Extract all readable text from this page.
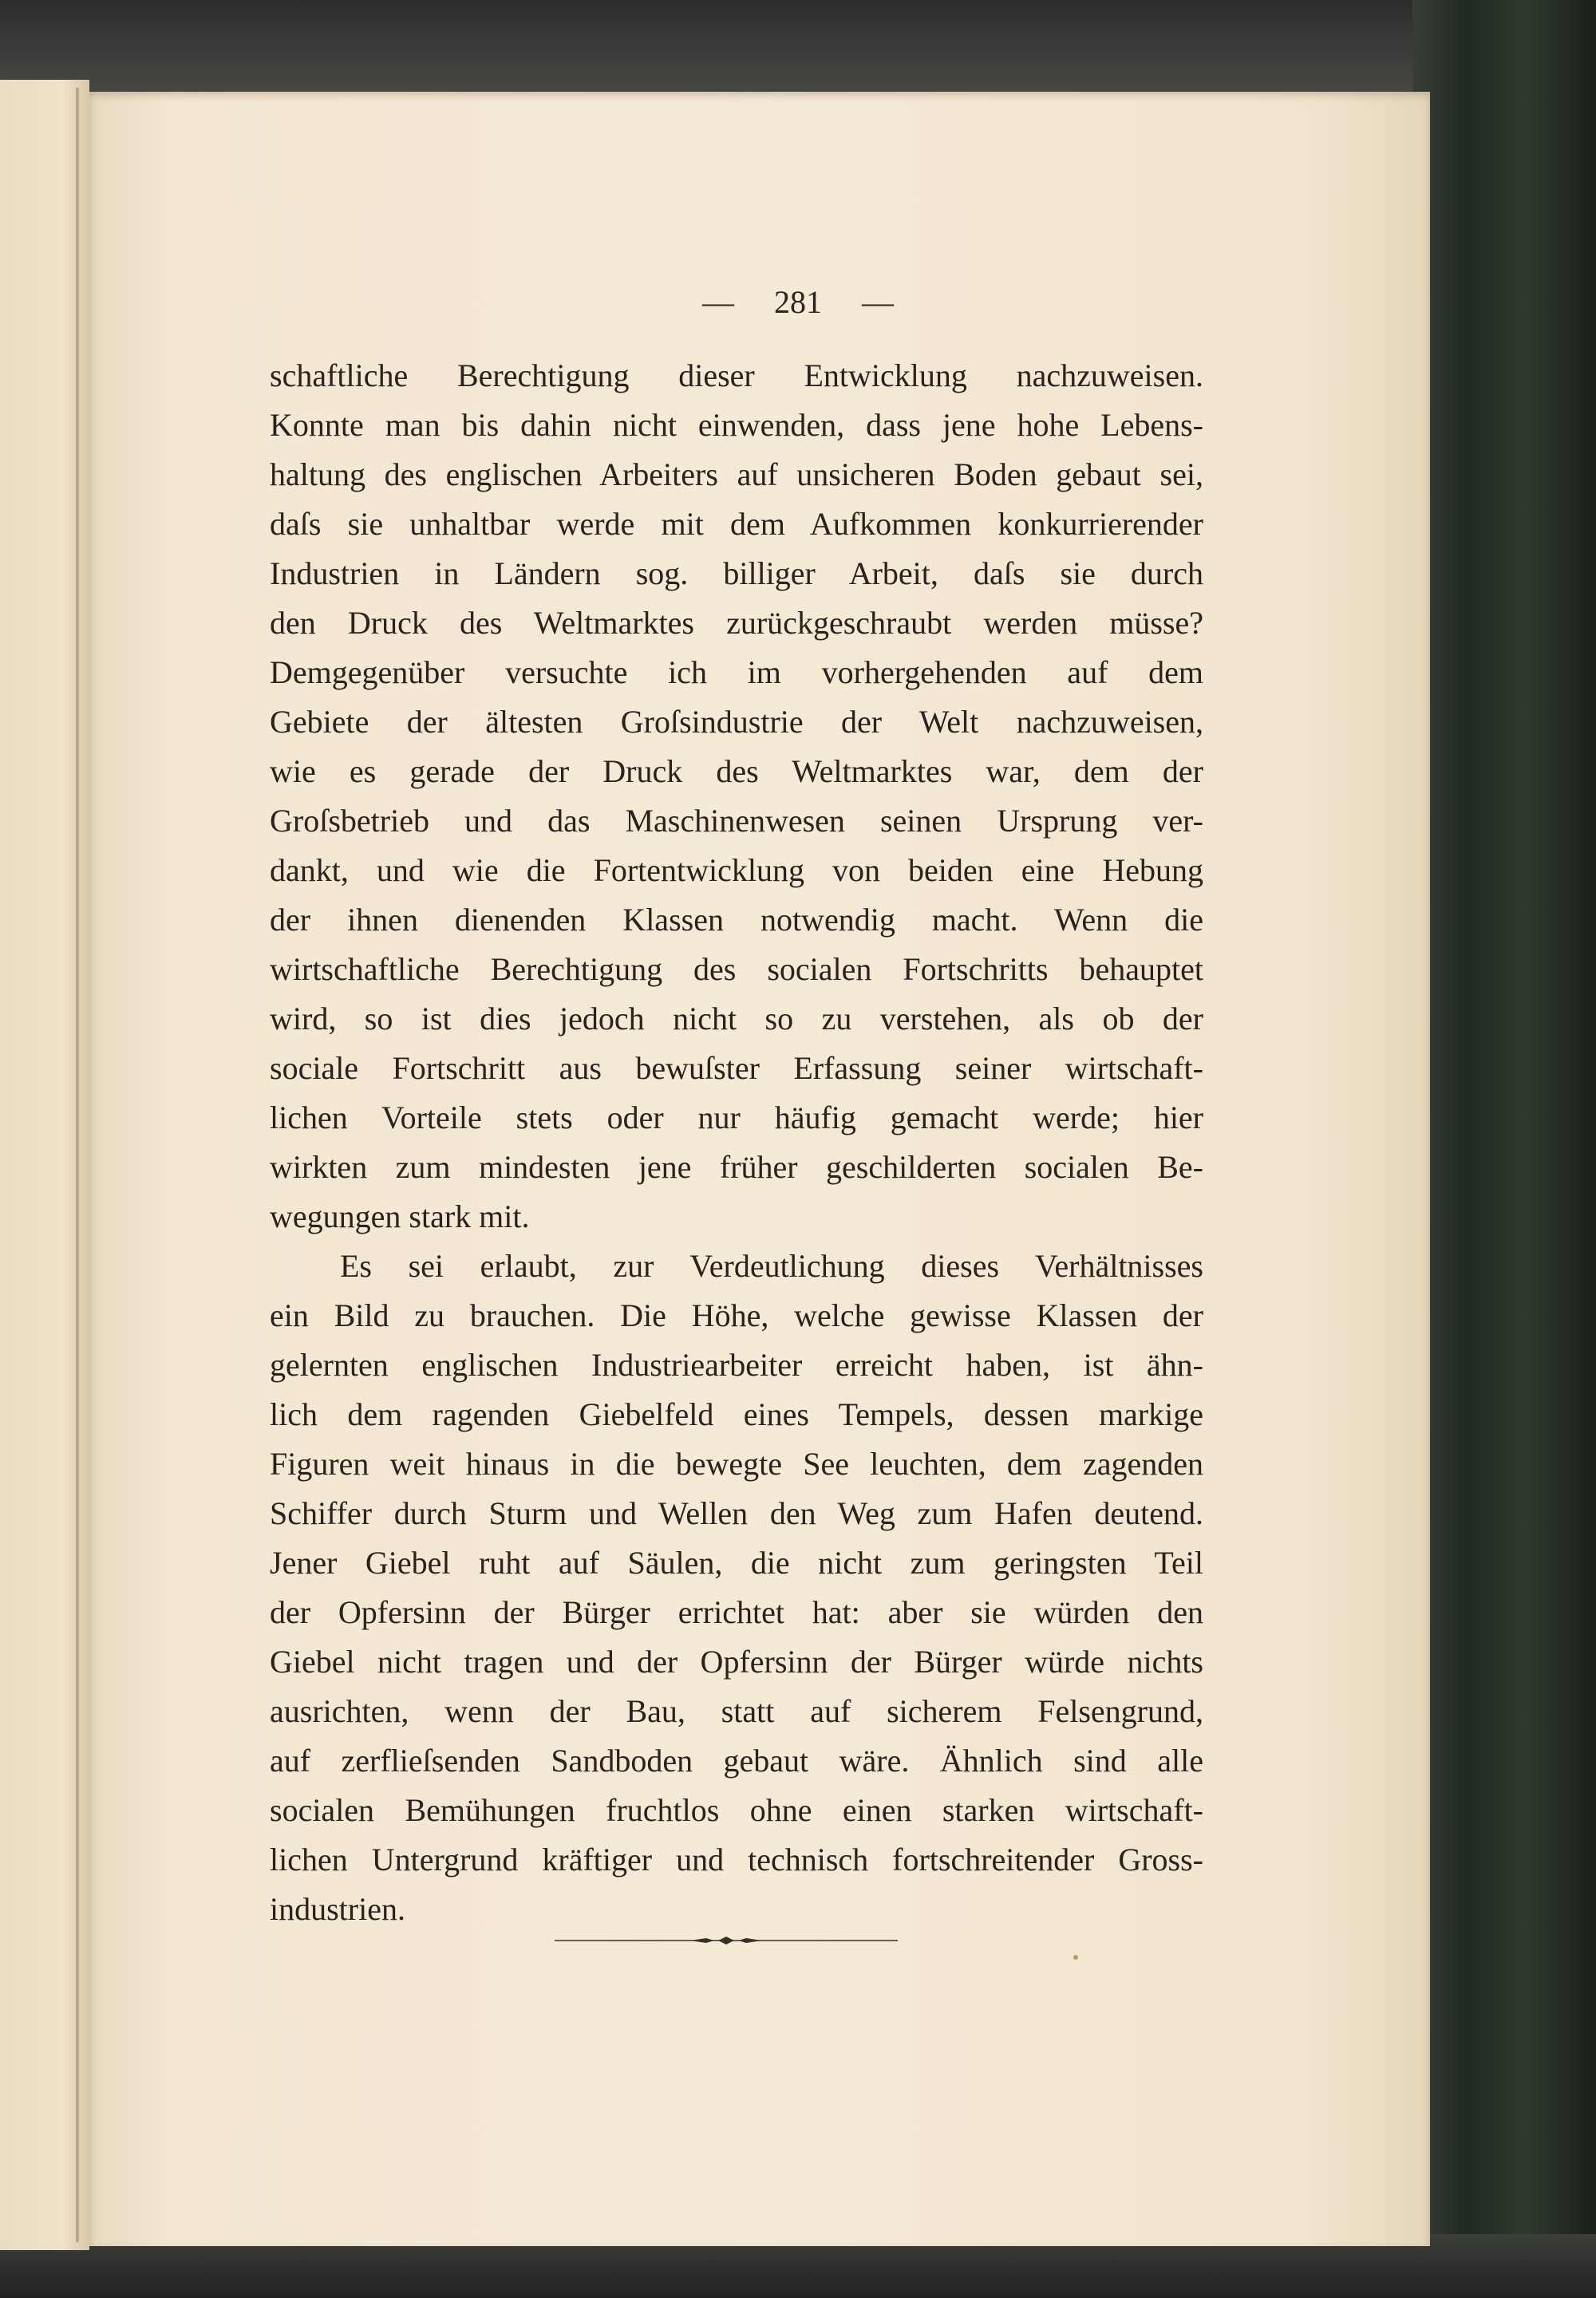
— 281 —
schaftliche Berechtigung dieser Entwicklung nachzuweisen.
Konnte man bis dahin nicht einwenden, dass jene hohe Lebens-
haltung des englischen Arbeiters auf unsicheren Boden gebaut sei,
daſs sie unhaltbar werde mit dem Aufkommen konkurrierender
Industrien in Ländern sog. billiger Arbeit, daſs sie durch
den Druck des Weltmarktes zurückgeschraubt werden müsse?
Demgegenüber versuchte ich im vorhergehenden auf dem
Gebiete der ältesten Groſsindustrie der Welt nachzuweisen,
wie es gerade der Druck des Weltmarktes war, dem der
Groſsbetrieb und das Maschinenwesen seinen Ursprung ver-
dankt, und wie die Fortentwicklung von beiden eine Hebung
der ihnen dienenden Klassen notwendig macht. Wenn die
wirtschaftliche Berechtigung des socialen Fortschritts behauptet
wird, so ist dies jedoch nicht so zu verstehen, als ob der
sociale Fortschritt aus bewuſster Erfassung seiner wirtschaft-
lichen Vorteile stets oder nur häufig gemacht werde; hier
wirkten zum mindesten jene früher geschilderten socialen Be-
wegungen stark mit.
Es sei erlaubt, zur Verdeutlichung dieses Verhältnisses
ein Bild zu brauchen. Die Höhe, welche gewisse Klassen der
gelernten englischen Industriearbeiter erreicht haben, ist ähn-
lich dem ragenden Giebelfeld eines Tempels, dessen markige
Figuren weit hinaus in die bewegte See leuchten, dem zagenden
Schiffer durch Sturm und Wellen den Weg zum Hafen deutend.
Jener Giebel ruht auf Säulen, die nicht zum geringsten Teil
der Opfersinn der Bürger errichtet hat: aber sie würden den
Giebel nicht tragen und der Opfersinn der Bürger würde nichts
ausrichten, wenn der Bau, statt auf sicherem Felsengrund,
auf zerflieſsenden Sandboden gebaut wäre. Ähnlich sind alle
socialen Bemühungen fruchtlos ohne einen starken wirtschaft-
lichen Untergrund kräftiger und technisch fortschreitender Gross-
industrien.
